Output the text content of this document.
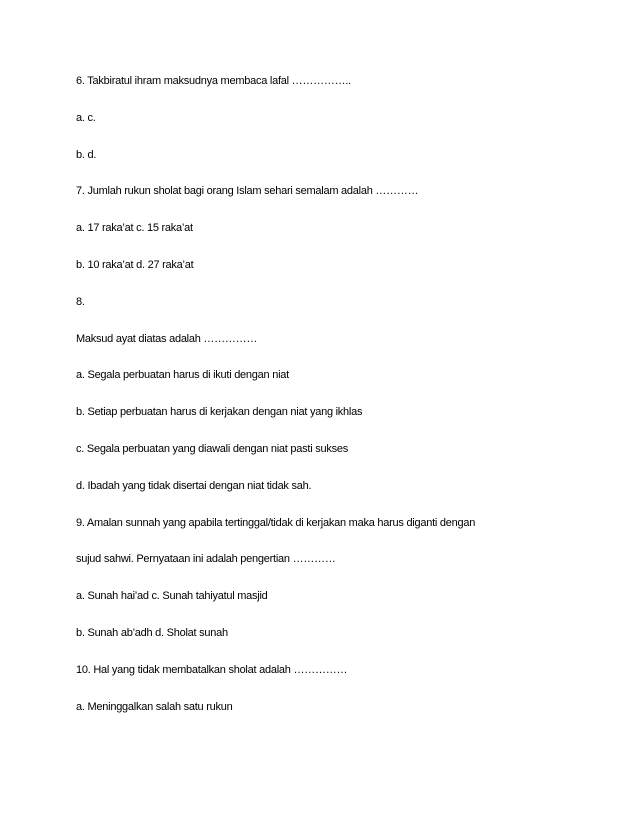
6. Takbiratul ihram maksudnya membaca lafal ……………..
a. c.
b. d.
7. Jumlah rukun sholat bagi orang Islam sehari semalam adalah …………
a. 17 raka’at c. 15 raka’at
b. 10 raka’at d. 27 raka’at
8.
Maksud ayat diatas adalah ……………
a. Segala perbuatan harus di ikuti dengan niat
b. Setiap perbuatan harus di kerjakan dengan niat yang ikhlas
c. Segala perbuatan yang diawali dengan niat pasti sukses
d. Ibadah yang tidak disertai dengan niat tidak sah.
9. Amalan sunnah yang apabila tertinggal/tidak di kerjakan maka harus diganti dengan
sujud sahwi. Pernyataan ini adalah pengertian …………
a. Sunah hai’ad c. Sunah tahiyatul masjid
b. Sunah ab’adh d. Sholat sunah
10. Hal yang tidak membatalkan sholat adalah ……………
a. Meninggalkan salah satu rukun
